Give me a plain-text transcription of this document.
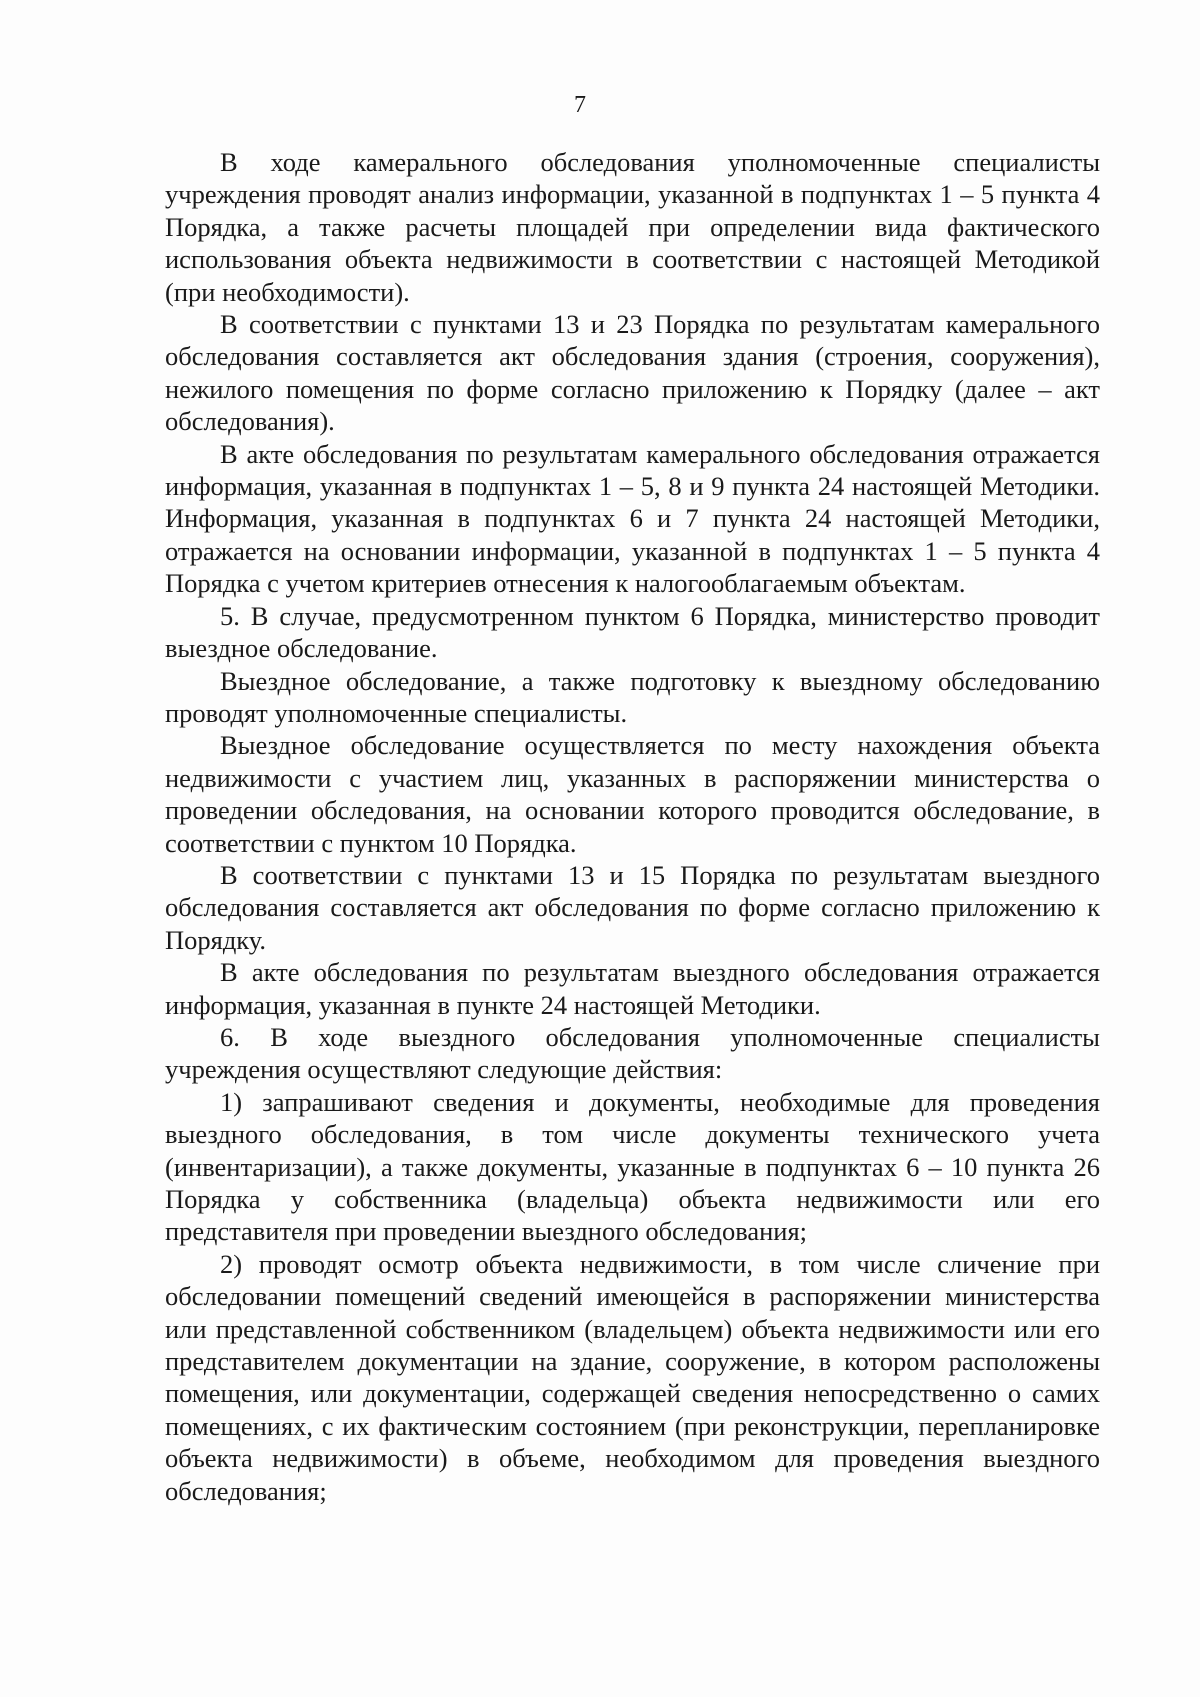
7

В ходе камерального обследования уполномоченные специалисты учреждения проводят анализ информации, указанной в подпунктах 1 – 5 пункта 4 Порядка, а также расчеты площадей при определении вида фактического использования объекта недвижимости в соответствии с настоящей Методикой (при необходимости).

В соответствии с пунктами 13 и 23 Порядка по результатам камерального обследования составляется акт обследования здания (строения, сооружения), нежилого помещения по форме согласно приложению к Порядку (далее – акт обследования).

В акте обследования по результатам камерального обследования отражается информация, указанная в подпунктах 1 – 5, 8 и 9 пункта 24 настоящей Методики. Информация, указанная в подпунктах 6 и 7 пункта 24 настоящей Методики, отражается на основании информации, указанной в подпунктах 1 – 5 пункта 4 Порядка с учетом критериев отнесения к налогооблагаемым объектам.

5. В случае, предусмотренном пунктом 6 Порядка, министерство проводит выездное обследование.

Выездное обследование, а также подготовку к выездному обследованию проводят уполномоченные специалисты.

Выездное обследование осуществляется по месту нахождения объекта недвижимости с участием лиц, указанных в распоряжении министерства о проведении обследования, на основании которого проводится обследование, в соответствии с пунктом 10 Порядка.

В соответствии с пунктами 13 и 15 Порядка по результатам выездного обследования составляется акт обследования по форме согласно приложению к Порядку.

В акте обследования по результатам выездного обследования отражается информация, указанная в пункте 24 настоящей Методики.

6. В ходе выездного обследования уполномоченные специалисты учреждения осуществляют следующие действия:

1) запрашивают сведения и документы, необходимые для проведения выездного обследования, в том числе документы технического учета (инвентаризации), а также документы, указанные в подпунктах 6 – 10 пункта 26 Порядка у собственника (владельца) объекта недвижимости или его представителя при проведении выездного обследования;

2) проводят осмотр объекта недвижимости, в том числе сличение при обследовании помещений сведений имеющейся в распоряжении министерства или представленной собственником (владельцем) объекта недвижимости или его представителем документации на здание, сооружение, в котором расположены помещения, или документации, содержащей сведения непосредственно о самих помещениях, с их фактическим состоянием (при реконструкции, перепланировке объекта недвижимости) в объеме, необходимом для проведения выездного обследования;
